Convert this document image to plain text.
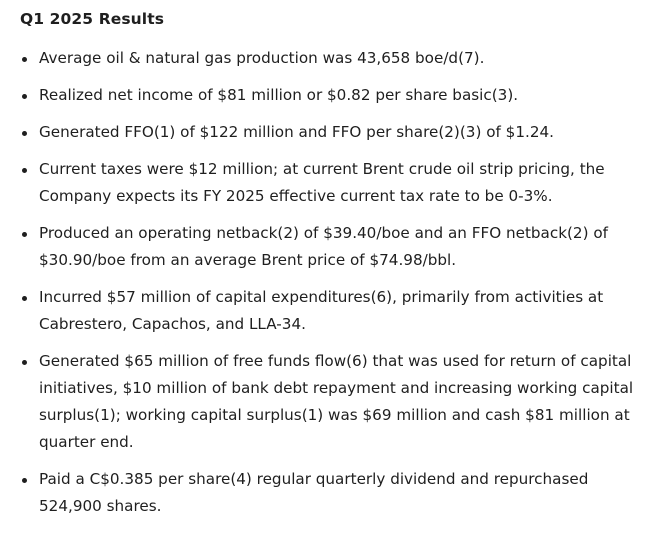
Q1 2025 Results
Average oil & natural gas production was 43,658 boe/d(7).
Realized net income of $81 million or $0.82 per share basic(3).
Generated FFO(1) of $122 million and FFO per share(2)(3) of $1.24.
Current taxes were $12 million; at current Brent crude oil strip pricing, the Company expects its FY 2025 effective current tax rate to be 0-3%.
Produced an operating netback(2) of $39.40/boe and an FFO netback(2) of $30.90/boe from an average Brent price of $74.98/bbl.
Incurred $57 million of capital expenditures(6), primarily from activities at Cabrestero, Capachos, and LLA-34.
Generated $65 million of free funds flow(6) that was used for return of capital initiatives, $10 million of bank debt repayment and increasing working capital surplus(1); working capital surplus(1) was $69 million and cash $81 million at quarter end.
Paid a C$0.385 per share(4) regular quarterly dividend and repurchased 524,900 shares.
